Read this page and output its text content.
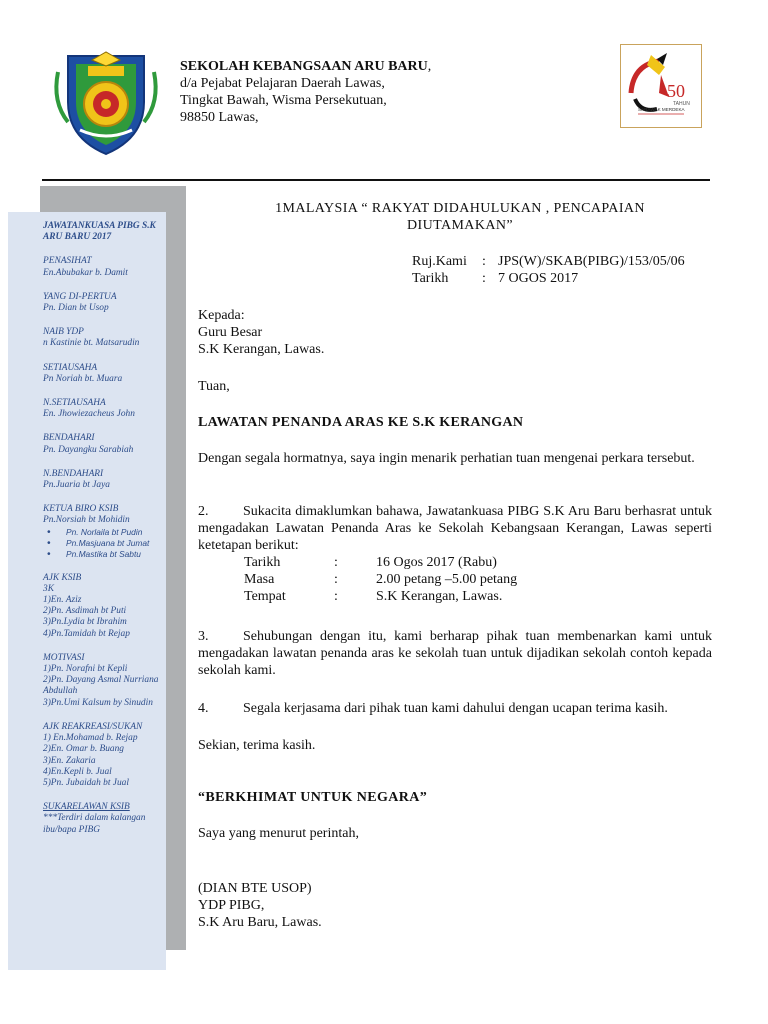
SEKOLAH KEBANGSAAN ARU BARU,
d/a Pejabat Pelajaran Daerah Lawas,
Tingkat Bawah, Wisma Persekutuan,
98850 Lawas,
50
TAHUN
SARAWAK MERDEKA
JAWATANKUASA PIBG S.K ARU BARU 2017
PENASIHAT
En.Abubakar b. Damit
YANG DI-PERTUA
Pn. Dian bt Usop
NAIB YDP
n Kastinie bt. Matsarudin
SETIAUSAHA
Pn Noriah bt. Muara
N.SETIAUSAHA
En. Jhowiezacheus John
BENDAHARI
Pn. Dayangku Sarabiah
N.BENDAHARI
Pn.Juaria bt Jaya
KETUA BIRO KSIB
Pn.Norsiah bt Mohidin
• Pn. Norlaila bt Pudin
• Pn.Masjuana bt Jumat
• Pn.Mastika bt Sabtu
AJK KSIB
3K
1)En. Aziz
2)Pn. Asdimah bt Puti
3)Pn.Lydia bt Ibrahim
4)Pn.Tamidah bt Rejap
MOTIVASI
1)Pn. Norafni bt Kepli
2)Pn. Dayang Asmal Nurriana Abdullah
3)Pn.Umi Kalsum by Sinudin
AJK REAKREASI/SUKAN
1) En.Mohamad b. Rejap
2)En. Omar b. Buang
3)En. Zakaria
4)En.Kepli b. Jual
5)Pn. Jubaidah bt Jual
SUKARELAWAN KSIB
***Terdiri dalam kalangan ibu/bapa PIBG
1MALAYSIA “ RAKYAT DIDAHULUKAN , PENCAPAIAN DIUTAMAKAN”
Ruj.Kami	: JPS(W)/SKAB(PIBG)/153/05/06
Tarikh	: 7 OGOS 2017
Kepada:
Guru Besar
S.K Kerangan, Lawas.
Tuan,
LAWATAN PENANDA ARAS KE S.K KERANGAN
Dengan segala hormatnya, saya ingin menarik perhatian tuan mengenai perkara tersebut.
2. Sukacita dimaklumkan bahawa, Jawatankuasa PIBG S.K Aru Baru berhasrat untuk mengadakan Lawatan Penanda Aras ke Sekolah Kebangsaan Kerangan, Lawas seperti ketetapan berikut:
Tarikh	:	16 Ogos 2017 (Rabu)
Masa	:	2.00 petang –5.00 petang
Tempat	:	S.K Kerangan, Lawas.
3. Sehubungan dengan itu, kami berharap pihak tuan membenarkan kami untuk mengadakan lawatan penanda aras ke sekolah tuan untuk dijadikan sekolah contoh kepada sekolah kami.
4. Segala kerjasama dari pihak tuan kami dahului dengan ucapan terima kasih.
Sekian, terima kasih.
“BERKHIMAT UNTUK NEGARA”
Saya yang menurut perintah,
(DIAN BTE USOP)
YDP PIBG,
S.K Aru Baru, Lawas.
